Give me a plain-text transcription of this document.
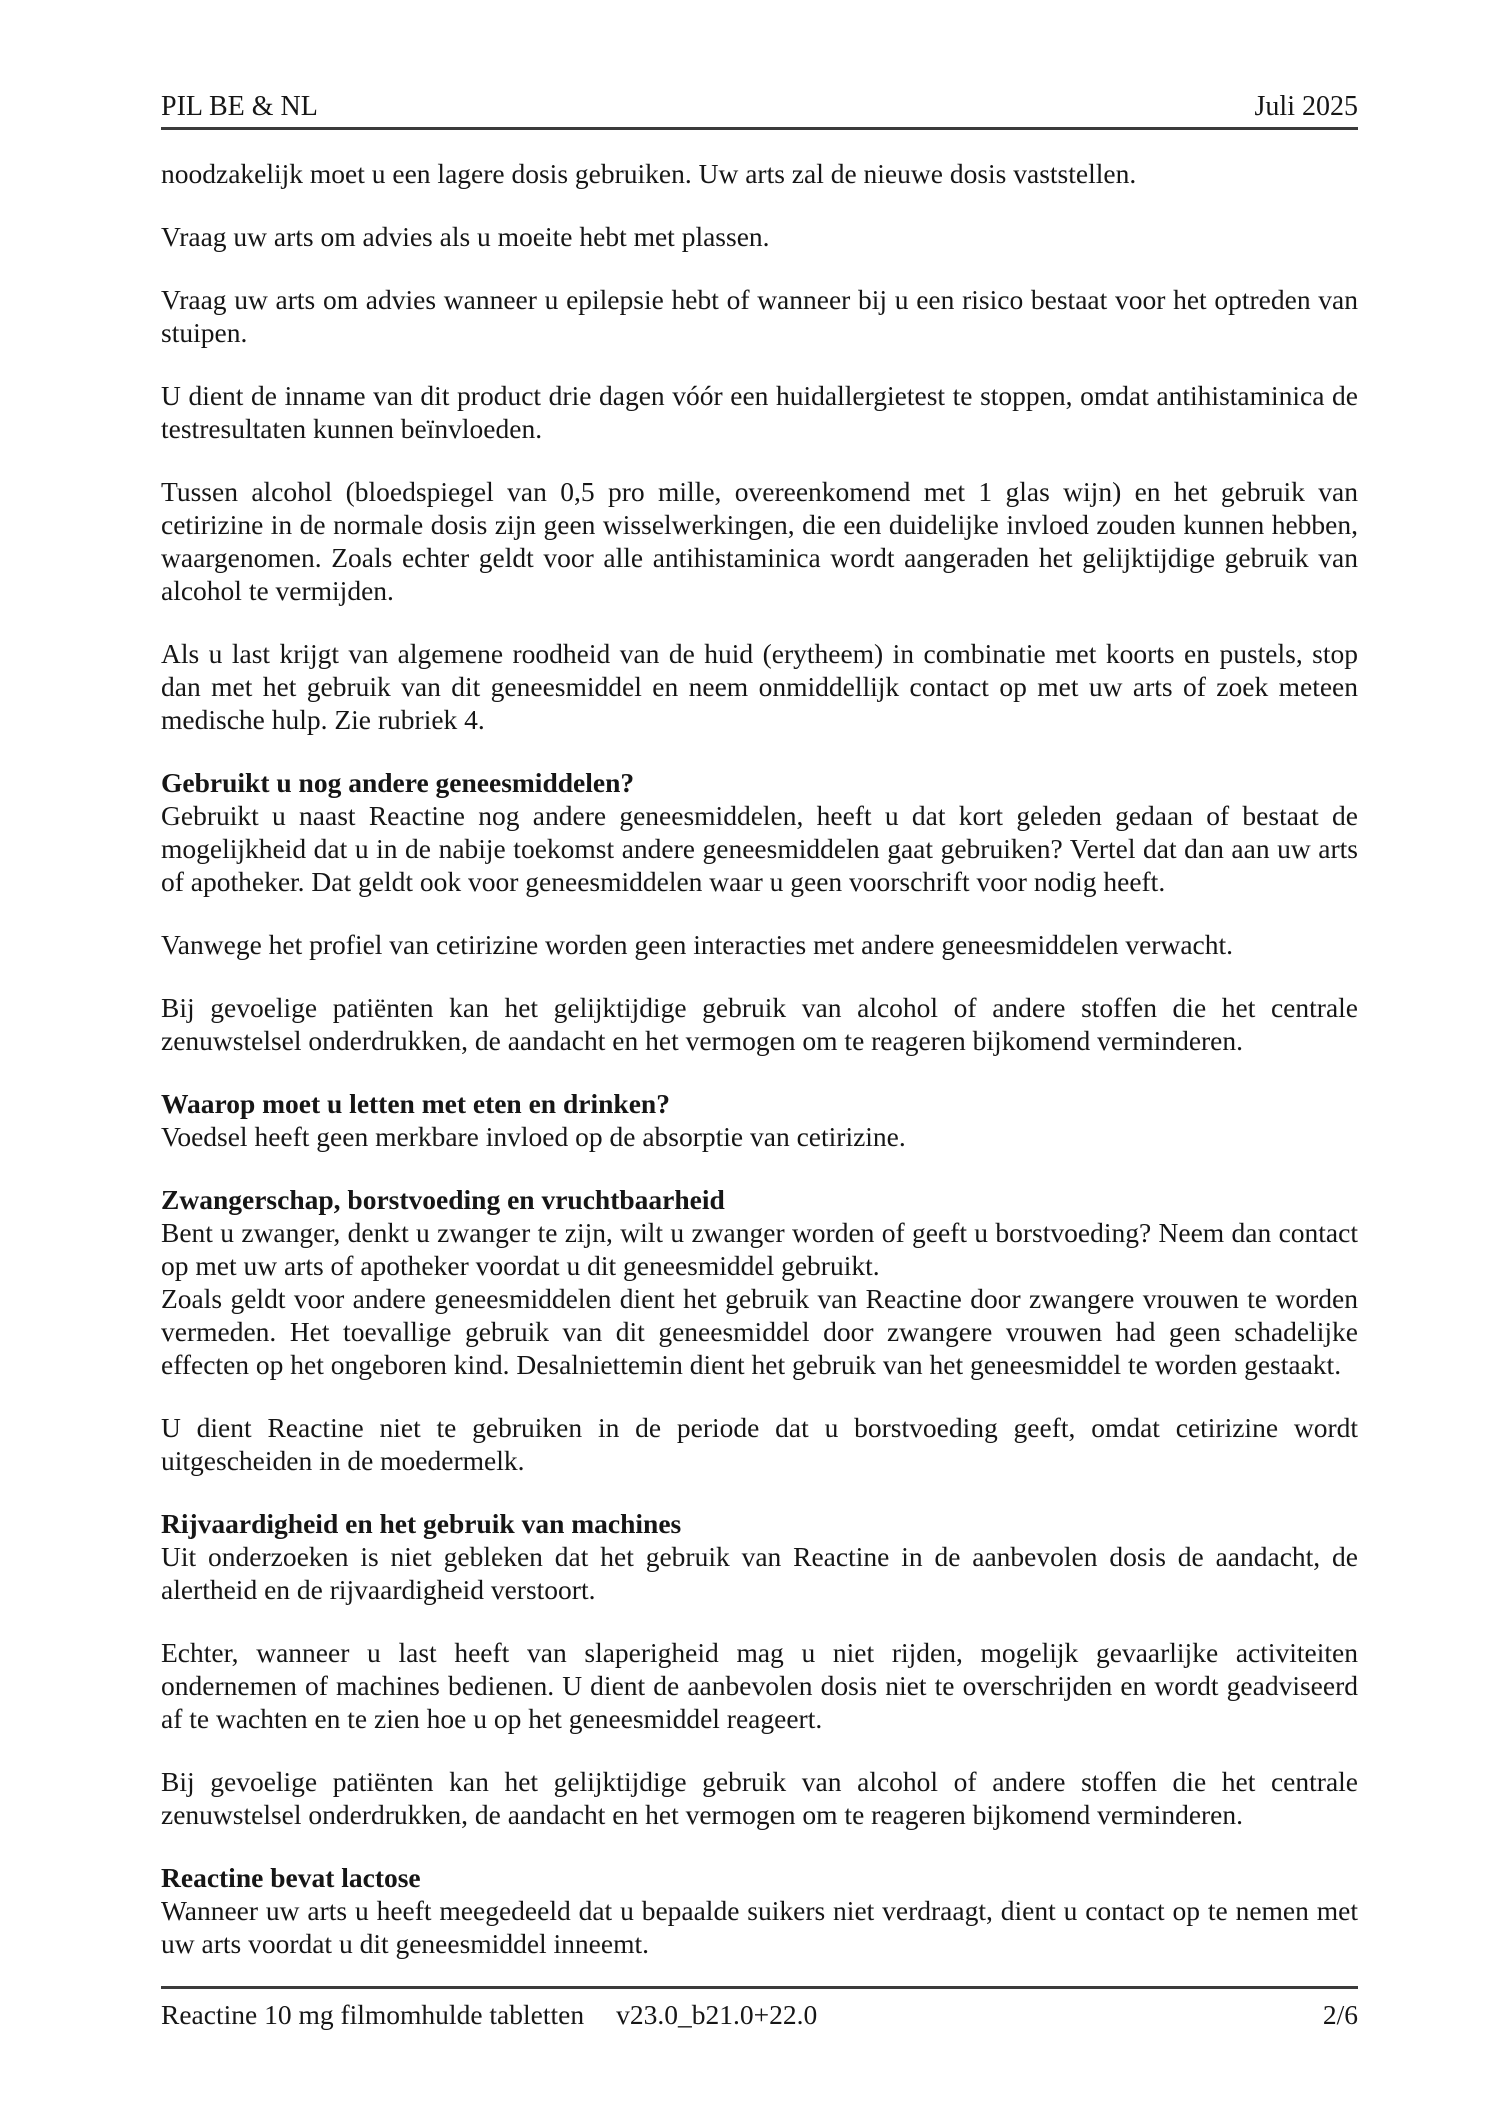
PIL BE & NL	Juli 2025

noodzakelijk moet u een lagere dosis gebruiken. Uw arts zal de nieuwe dosis vaststellen.

Vraag uw arts om advies als u moeite hebt met plassen.

Vraag uw arts om advies wanneer u epilepsie hebt of wanneer bij u een risico bestaat voor het optreden van stuipen.

U dient de inname van dit product drie dagen vóór een huidallergietest te stoppen, omdat antihistaminica de testresultaten kunnen beïnvloeden.

Tussen alcohol (bloedspiegel van 0,5 pro mille, overeenkomend met 1 glas wijn) en het gebruik van cetirizine in de normale dosis zijn geen wisselwerkingen, die een duidelijke invloed zouden kunnen hebben, waargenomen. Zoals echter geldt voor alle antihistaminica wordt aangeraden het gelijktijdige gebruik van alcohol te vermijden.

Als u last krijgt van algemene roodheid van de huid (erytheem) in combinatie met koorts en pustels, stop dan met het gebruik van dit geneesmiddel en neem onmiddellijk contact op met uw arts of zoek meteen medische hulp. Zie rubriek 4.

Gebruikt u nog andere geneesmiddelen?

Gebruikt u naast Reactine nog andere geneesmiddelen, heeft u dat kort geleden gedaan of bestaat de mogelijkheid dat u in de nabije toekomst andere geneesmiddelen gaat gebruiken? Vertel dat dan aan uw arts of apotheker. Dat geldt ook voor geneesmiddelen waar u geen voorschrift voor nodig heeft.

Vanwege het profiel van cetirizine worden geen interacties met andere geneesmiddelen verwacht.

Bij gevoelige patiënten kan het gelijktijdige gebruik van alcohol of andere stoffen die het centrale zenuwstelsel onderdrukken, de aandacht en het vermogen om te reageren bijkomend verminderen.

Waarop moet u letten met eten en drinken?

Voedsel heeft geen merkbare invloed op de absorptie van cetirizine.

Zwangerschap, borstvoeding en vruchtbaarheid

Bent u zwanger, denkt u zwanger te zijn, wilt u zwanger worden of geeft u borstvoeding? Neem dan contact op met uw arts of apotheker voordat u dit geneesmiddel gebruikt.

Zoals geldt voor andere geneesmiddelen dient het gebruik van Reactine door zwangere vrouwen te worden vermeden. Het toevallige gebruik van dit geneesmiddel door zwangere vrouwen had geen schadelijke effecten op het ongeboren kind. Desalniettemin dient het gebruik van het geneesmiddel te worden gestaakt.

U dient Reactine niet te gebruiken in de periode dat u borstvoeding geeft, omdat cetirizine wordt uitgescheiden in de moedermelk.

Rijvaardigheid en het gebruik van machines

Uit onderzoeken is niet gebleken dat het gebruik van Reactine in de aanbevolen dosis de aandacht, de alertheid en de rijvaardigheid verstoort.

Echter, wanneer u last heeft van slaperigheid mag u niet rijden, mogelijk gevaarlijke activiteiten ondernemen of machines bedienen. U dient de aanbevolen dosis niet te overschrijden en wordt geadviseerd af te wachten en te zien hoe u op het geneesmiddel reageert.

Bij gevoelige patiënten kan het gelijktijdige gebruik van alcohol of andere stoffen die het centrale zenuwstelsel onderdrukken, de aandacht en het vermogen om te reageren bijkomend verminderen.

Reactine bevat lactose

Wanneer uw arts u heeft meegedeeld dat u bepaalde suikers niet verdraagt, dient u contact op te nemen met uw arts voordat u dit geneesmiddel inneemt.

Reactine 10 mg filmomhulde tabletten v23.0_b21.0+22.0	2/6
